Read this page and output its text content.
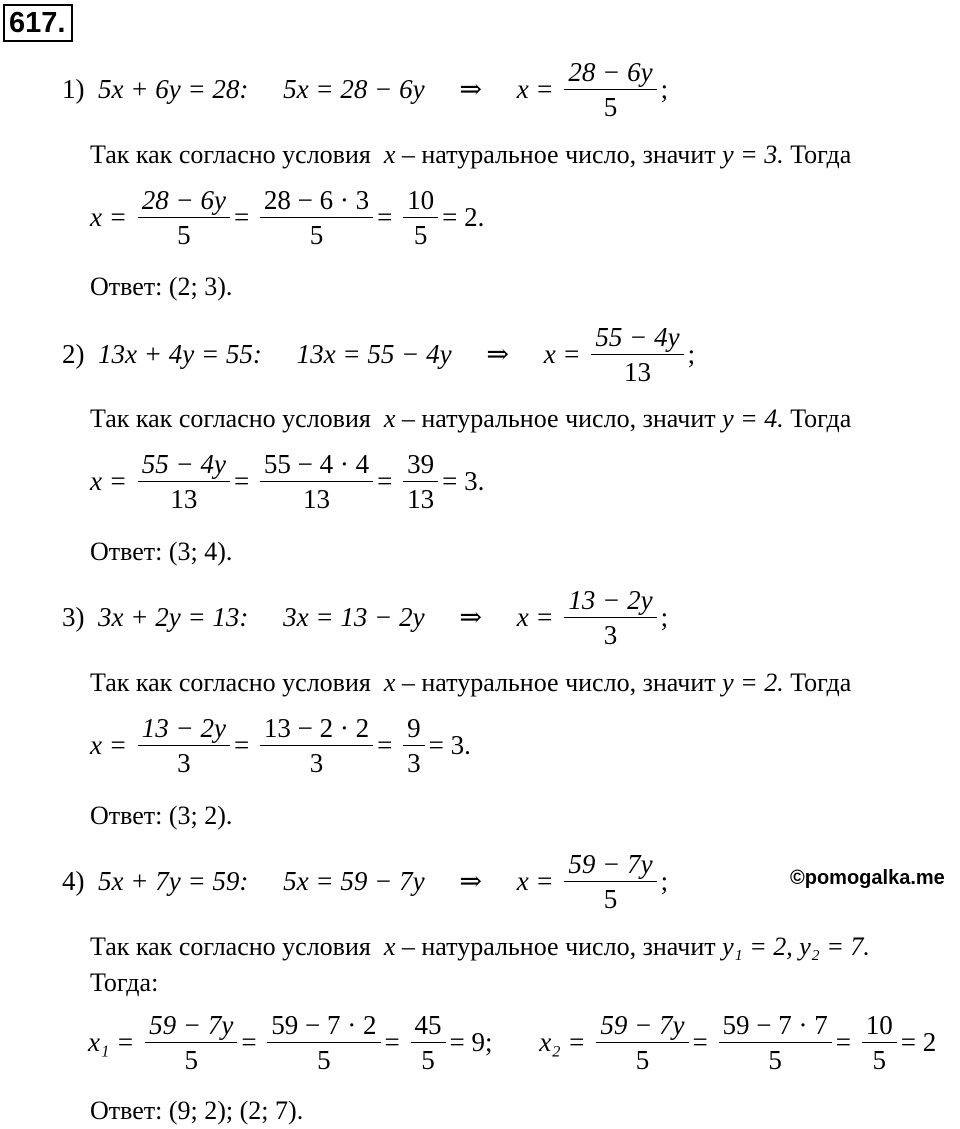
617.
1) 5x + 6y = 28: 5x = 28 − 6y ⇒ $x = \frac{28 - 6y}{5}$ ;
Так как согласно условия x – натуральное число, значит y = 3. Тогда
$x = \frac{28 - 6y}{5} = \frac{28 - 6 \cdot 3}{5} = \frac{10}{5} = 2$.
Ответ: (2; 3).
2) 13x + 4y = 55: 13x = 55 − 4y ⇒ $x = \frac{55 - 4y}{13}$ ;
Так как согласно условия x – натуральное число, значит y = 4. Тогда
$x = \frac{55 - 4y}{13} = \frac{55 - 4 \cdot 4}{13} = \frac{39}{13} = 3$.
Ответ: (3; 4).
3) 3x + 2y = 13: 3x = 13 − 2y ⇒ $x = \frac{13 - 2y}{3}$ ;
Так как согласно условия x – натуральное число, значит y = 2. Тогда
$x = \frac{13 - 2y}{3} = \frac{13 - 2 \cdot 2}{3} = \frac{9}{3} = 3$.
Ответ: (3; 2).
4) 5x + 7y = 59: 5x = 59 − 7y ⇒ $x = \frac{59 - 7y}{5}$ ;	©pomogalka.me
Так как согласно условия x – натуральное число, значит y₁ = 2, y₂ = 7.
Тогда:
$x_1 = \frac{59 - 7y}{5} = \frac{59 - 7 \cdot 2}{5} = \frac{45}{5} = 9$; $x_2 = \frac{59 - 7y}{5} = \frac{59 - 7 \cdot 7}{5} = \frac{10}{5} = 2$
Ответ: (9; 2); (2; 7).
